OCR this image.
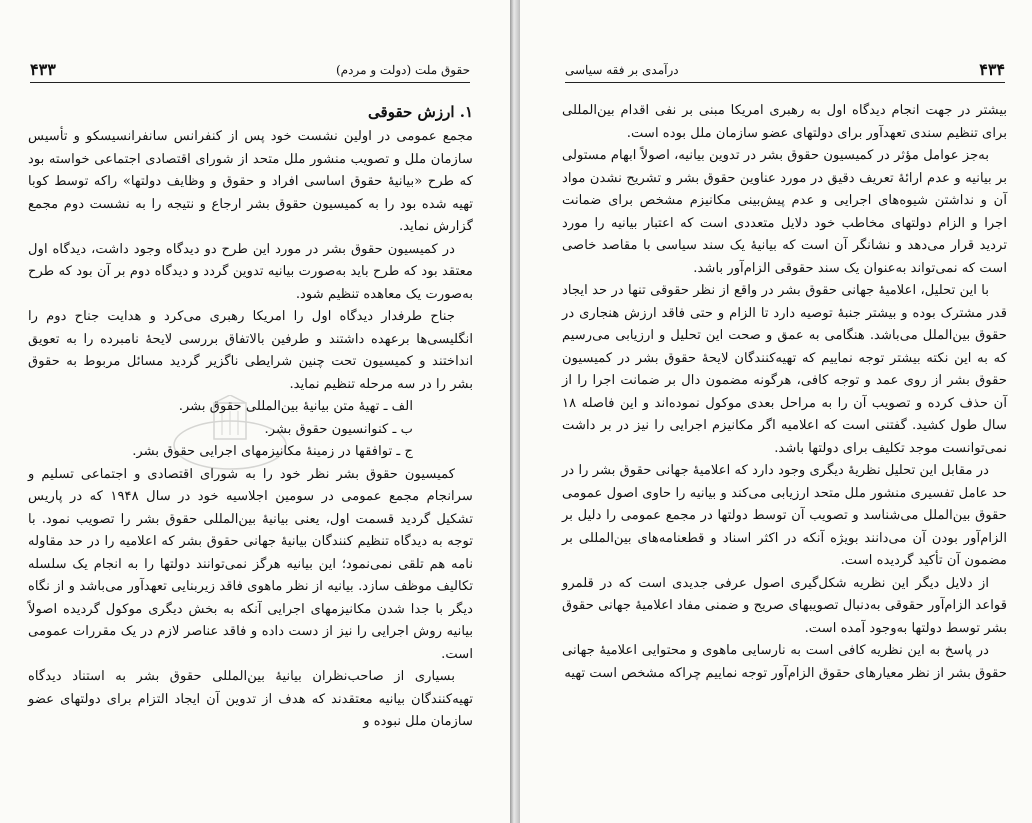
۴۳۳	حقوق ملت (دولت و مردم)
۱. ارزش حقوقی

مجمع عمومی در اولین نشست خود پس از کنفرانس سانفرانسیسکو و تأسیس سازمان ملل و تصویب منشور ملل متحد از شورای اقتصادی اجتماعی خواسته بود که طرح «بیانیهٔ حقوق اساسی افراد و حقوق و وظایف دولتها» راکه توسط کوبا تهیه شده بود را به کمیسیون حقوق بشر ارجاع و نتیجه را به نشست دوم مجمع گزارش نماید.

در کمیسیون حقوق بشر در مورد این طرح دو دیدگاه وجود داشت، دیدگاه اول معتقد بود که طرح باید به‌صورت بیانیه تدوین گردد و دیدگاه دوم بر آن بود که طرح به‌صورت یک معاهده تنظیم شود.

جناح طرفدار دیدگاه اول را امریکا رهبری می‌کرد و هدایت جناح دوم را انگلیسی‌ها برعهده داشتند و طرفین بالاتفاق بررسی لایحهٔ نامبرده را به تعویق انداختند و کمیسیون تحت چنین شرایطی ناگزیر گردید مسائل مربوط به حقوق بشر را در سه مرحله تنظیم نماید.

الف ـ تهیهٔ متن بیانیهٔ بین‌المللی حقوق بشر.

ب ـ کنوانسیون حقوق بشر.

ج ـ توافقها در زمینهٔ مکانیزمهای اجرایی حقوق بشر.

کمیسیون حقوق بشر نظر خود را به شورای اقتصادی و اجتماعی تسلیم و سرانجام مجمع عمومی در سومین اجلاسیه خود در سال ۱۹۴۸ که در پاریس تشکیل گردید قسمت اول، یعنی بیانیهٔ بین‌المللی حقوق بشر را تصویب نمود. با توجه به دیدگاه تنظیم کنندگان بیانیهٔ جهانی حقوق بشر که اعلامیه را در حد مقاوله نامه هم تلقی نمی‌نمود؛ این بیانیه هرگز نمی‌توانند دولتها را به انجام یک سلسله تکالیف موظف سازد. بیانیه از نظر ماهوی فاقد زیربنایی تعهدآور می‌باشد و از نگاه دیگر با جدا شدن مکانیزمهای اجرایی آنکه به بخش دیگری موکول گردیده اصولاً بیانیه روش اجرایی را نیز از دست داده و فاقد عناصر لازم در یک مقررات عمومی است.

بسیاری از صاحب‌نظران بیانیهٔ بین‌المللی حقوق بشر به استناد دیدگاه تهیه‌کنندگان بیانیه معتقدند که هدف از تدوین آن ایجاد التزام برای دولتهای عضو سازمان ملل نبوده و

درآمدی بر فقه سیاسی	۴۳۴

بیشتر در جهت انجام دیدگاه اول به رهبری امریکا مبنی بر نفی اقدام بین‌المللی برای تنظیم سندی تعهدآور برای دولتهای عضو سازمان ملل بوده است.

به‌جز عوامل مؤثر در کمیسیون حقوق بشر در تدوین بیانیه، اصولاً ابهام مستولی بر بیانیه و عدم ارائهٔ تعریف دقیق در مورد عناوین حقوق بشر و تشریح نشدن مواد آن و نداشتن شیوه‌های اجرایی و عدم پیش‌بینی مکانیزم مشخص برای ضمانت اجرا و الزام دولتهای مخاطب خود دلایل متعددی است که اعتبار بیانیه را مورد تردید قرار می‌دهد و نشانگر آن است که بیانیهٔ یک سند سیاسی با مقاصد خاصی است که نمی‌تواند به‌عنوان یک سند حقوقی الزام‌آور باشد.

با این تحلیل، اعلامیهٔ جهانی حقوق بشر در واقع از نظر حقوقی تنها در حد ایجاد قدر مشترک بوده و بیشتر جنبهٔ توصیه دارد تا الزام و حتی فاقد ارزش هنجاری در حقوق بین‌الملل می‌باشد. هنگامی به عمق و صحت این تحلیل و ارزیابی می‌رسیم که به این نکته بیشتر توجه نماییم که تهیه‌کنندگان لایحهٔ حقوق بشر در کمیسیون حقوق بشر از روی عمد و توجه کافی، هرگونه مضمون دال بر ضمانت اجرا را از آن حذف کرده و تصویب آن را به مراحل بعدی موکول نموده‌اند و این فاصله ۱۸ سال طول کشید. گفتنی است که اعلامیه اگر مکانیزم اجرایی را نیز در بر داشت نمی‌توانست موجد تکلیف برای دولتها باشد.

در مقابل این تحلیل نظریهٔ دیگری وجود دارد که اعلامیهٔ جهانی حقوق بشر را در حد عامل تفسیری منشور ملل متحد ارزیابی می‌کند و بیانیه را حاوی اصول عمومی حقوق بین‌الملل می‌شناسد و تصویب آن توسط دولتها در مجمع عمومی را دلیل بر الزام‌آور بودن آن می‌دانند بویژه آنکه در اکثر اسناد و قطعنامه‌های بین‌المللی بر مضمون آن تأکید گردیده است.

از دلایل دیگر این نظریه شکل‌گیری اصول عرفی جدیدی است که در قلمرو قواعد الزام‌آور حقوقی به‌دنبال تصویبهای صریح و ضمنی مفاد اعلامیهٔ جهانی حقوق بشر توسط دولتها به‌وجود آمده است.

در پاسخ به این نظریه کافی است به نارسایی ماهوی و محتوایی اعلامیهٔ جهانی حقوق بشر از نظر معیارهای حقوق الزام‌آور توجه نماییم چراکه مشخص است تهیه
